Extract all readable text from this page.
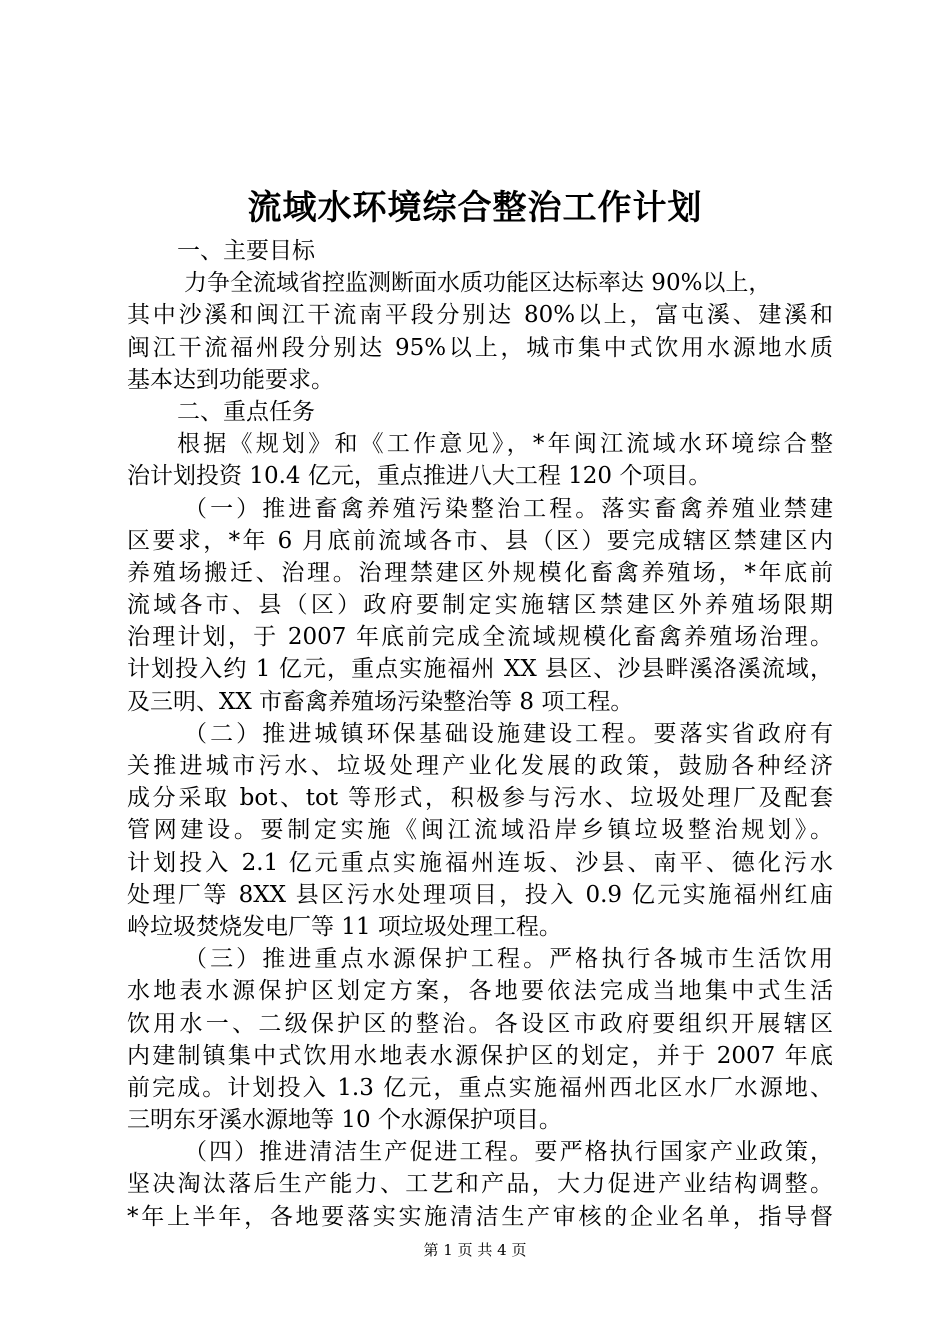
流域水环境综合整治工作计划
一、主要目标
力争全流域省控监测断面水质功能区达标率达 90%以上，
其中沙溪和闽江干流南平段分别达 80%以上，富屯溪、建溪和
闽江干流福州段分别达 95%以上，城市集中式饮用水源地水质
基本达到功能要求。
二、重点任务
根据《规划》和《工作意见》，*年闽江流域水环境综合整
治计划投资 10.4 亿元，重点推进八大工程 120 个项目。
（一）推进畜禽养殖污染整治工程。落实畜禽养殖业禁建
区要求，*年 6 月底前流域各市、县（区）要完成辖区禁建区内
养殖场搬迁、治理。治理禁建区外规模化畜禽养殖场，*年底前
流域各市、县（区）政府要制定实施辖区禁建区外养殖场限期
治理计划，于 2007 年底前完成全流域规模化畜禽养殖场治理。
计划投入约 1 亿元，重点实施福州 XX 县区、沙县畔溪洛溪流域，
及三明、XX 市畜禽养殖场污染整治等 8 项工程。
（二）推进城镇环保基础设施建设工程。要落实省政府有
关推进城市污水、垃圾处理产业化发展的政策，鼓励各种经济
成分采取 bot、tot 等形式，积极参与污水、垃圾处理厂及配套
管网建设。要制定实施《闽江流域沿岸乡镇垃圾整治规划》。
计划投入 2.1 亿元重点实施福州连坂、沙县、南平、德化污水
处理厂等 8XX 县区污水处理项目，投入 0.9 亿元实施福州红庙
岭垃圾焚烧发电厂等 11 项垃圾处理工程。
（三）推进重点水源保护工程。严格执行各城市生活饮用
水地表水源保护区划定方案，各地要依法完成当地集中式生活
饮用水一、二级保护区的整治。各设区市政府要组织开展辖区
内建制镇集中式饮用水地表水源保护区的划定，并于 2007 年底
前完成。计划投入 1.3 亿元，重点实施福州西北区水厂水源地、
三明东牙溪水源地等 10 个水源保护项目。
（四）推进清洁生产促进工程。要严格执行国家产业政策，
坚决淘汰落后生产能力、工艺和产品，大力促进产业结构调整。
*年上半年，各地要落实实施清洁生产审核的企业名单，指导督
第 1 页 共 4 页
